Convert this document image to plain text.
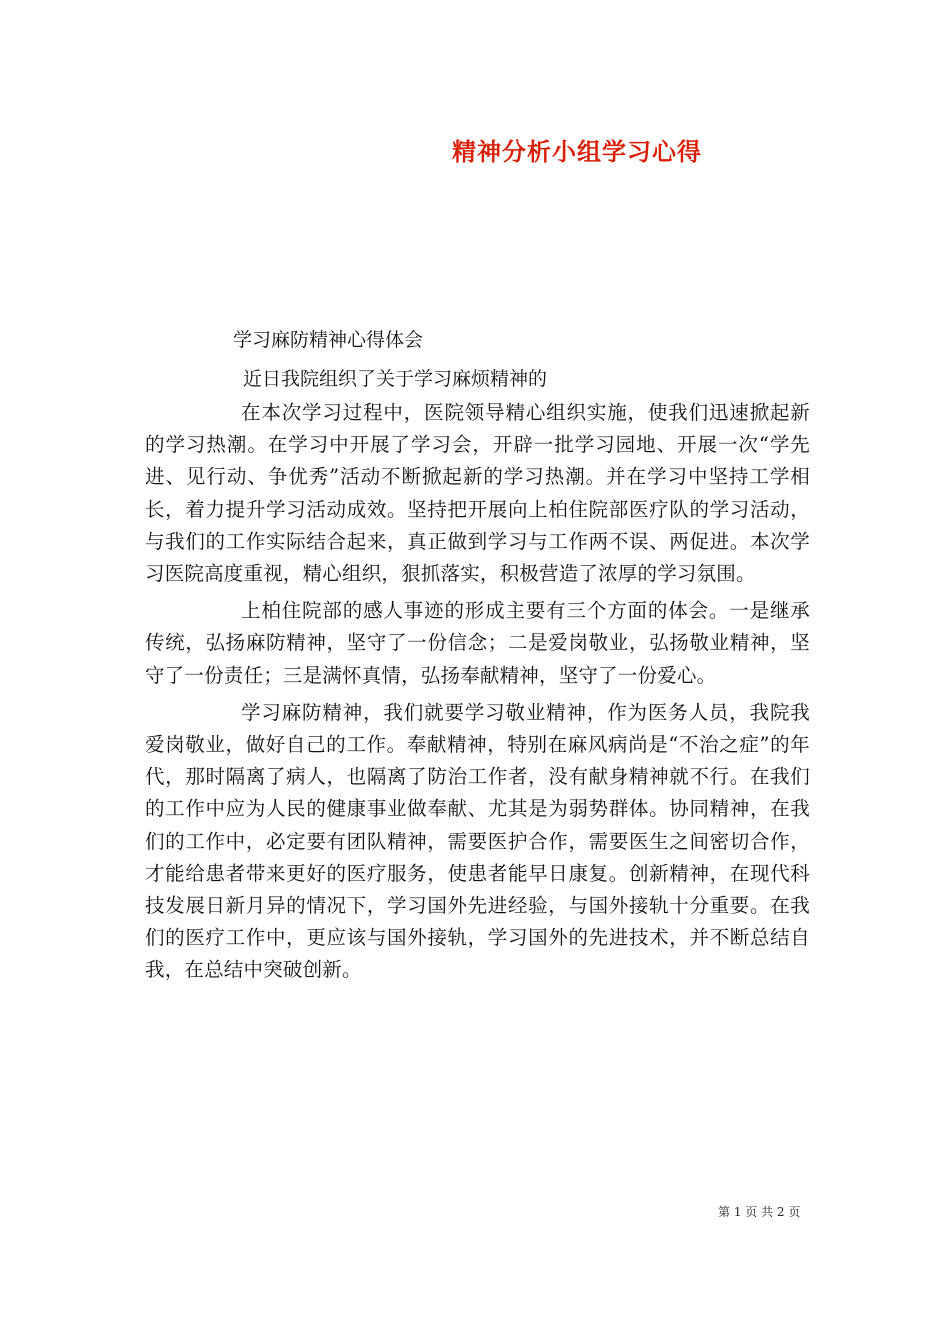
精神分析小组学习心得
学习麻防精神心得体会
近日我院组织了关于学习麻烦精神的

在本次学习过程中，医院领导精心组织实施，使我们迅速掀起新的学习热潮。在学习中开展了学习会，开辟一批学习园地、开展一次“学先进、见行动、争优秀”活动不断掀起新的学习热潮。并在学习中坚持工学相长，着力提升学习活动成效。坚持把开展向上柏住院部医疗队的学习活动，与我们的工作实际结合起来，真正做到学习与工作两不误、两促进。本次学习医院高度重视，精心组织，狠抓落实，积极营造了浓厚的学习氛围。

上柏住院部的感人事迹的形成主要有三个方面的体会。一是继承传统，弘扬麻防精神，坚守了一份信念；二是爱岗敬业，弘扬敬业精神，坚守了一份责任；三是满怀真情，弘扬奉献精神，坚守了一份爱心。

学习麻防精神，我们就要学习敬业精神，作为医务人员，我院我爱岗敬业，做好自己的工作。奉献精神，特别在麻风病尚是“不治之症”的年代，那时隔离了病人，也隔离了防治工作者，没有献身精神就不行。在我们的工作中应为人民的健康事业做奉献、尤其是为弱势群体。协同精神，在我们的工作中，必定要有团队精神，需要医护合作，需要医生之间密切合作，才能给患者带来更好的医疗服务，使患者能早日康复。创新精神，在现代科技发展日新月异的情况下，学习国外先进经验，与国外接轨十分重要。在我们的医疗工作中，更应该与国外接轨，学习国外的先进技术，并不断总结自我，在总结中突破创新。

第 1 页 共 2 页
